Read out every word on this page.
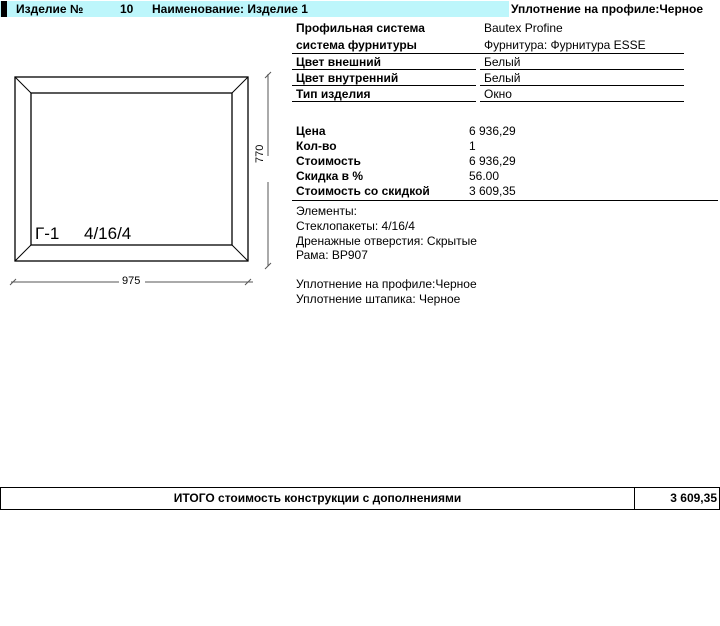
Изделие №	10 Наименование: Изделие 1	Уплотнение на профиле:Черное
Профильная система	Bautex Profine
система фурнитуры	Фурнитура: Фурнитура ESSE
Цвет внешний	Белый
Цвет внутренний	Белый
Тип изделия	Окно
Цена	6 936,29
Кол-во	1
Стоимость	6 936,29
Скидка в %	56.00
Стоимость со скидкой	3 609,35
Элементы:
Стеклопакеты: 4/16/4
Дренажные отверстия: Скрытые
Рама: BP907
Уплотнение на профиле:Черное
Уплотнение штапика: Черное
975
770
Г-1 4/16/4
ИТОГО стоимость конструкции с дополнениями	3 609,35
